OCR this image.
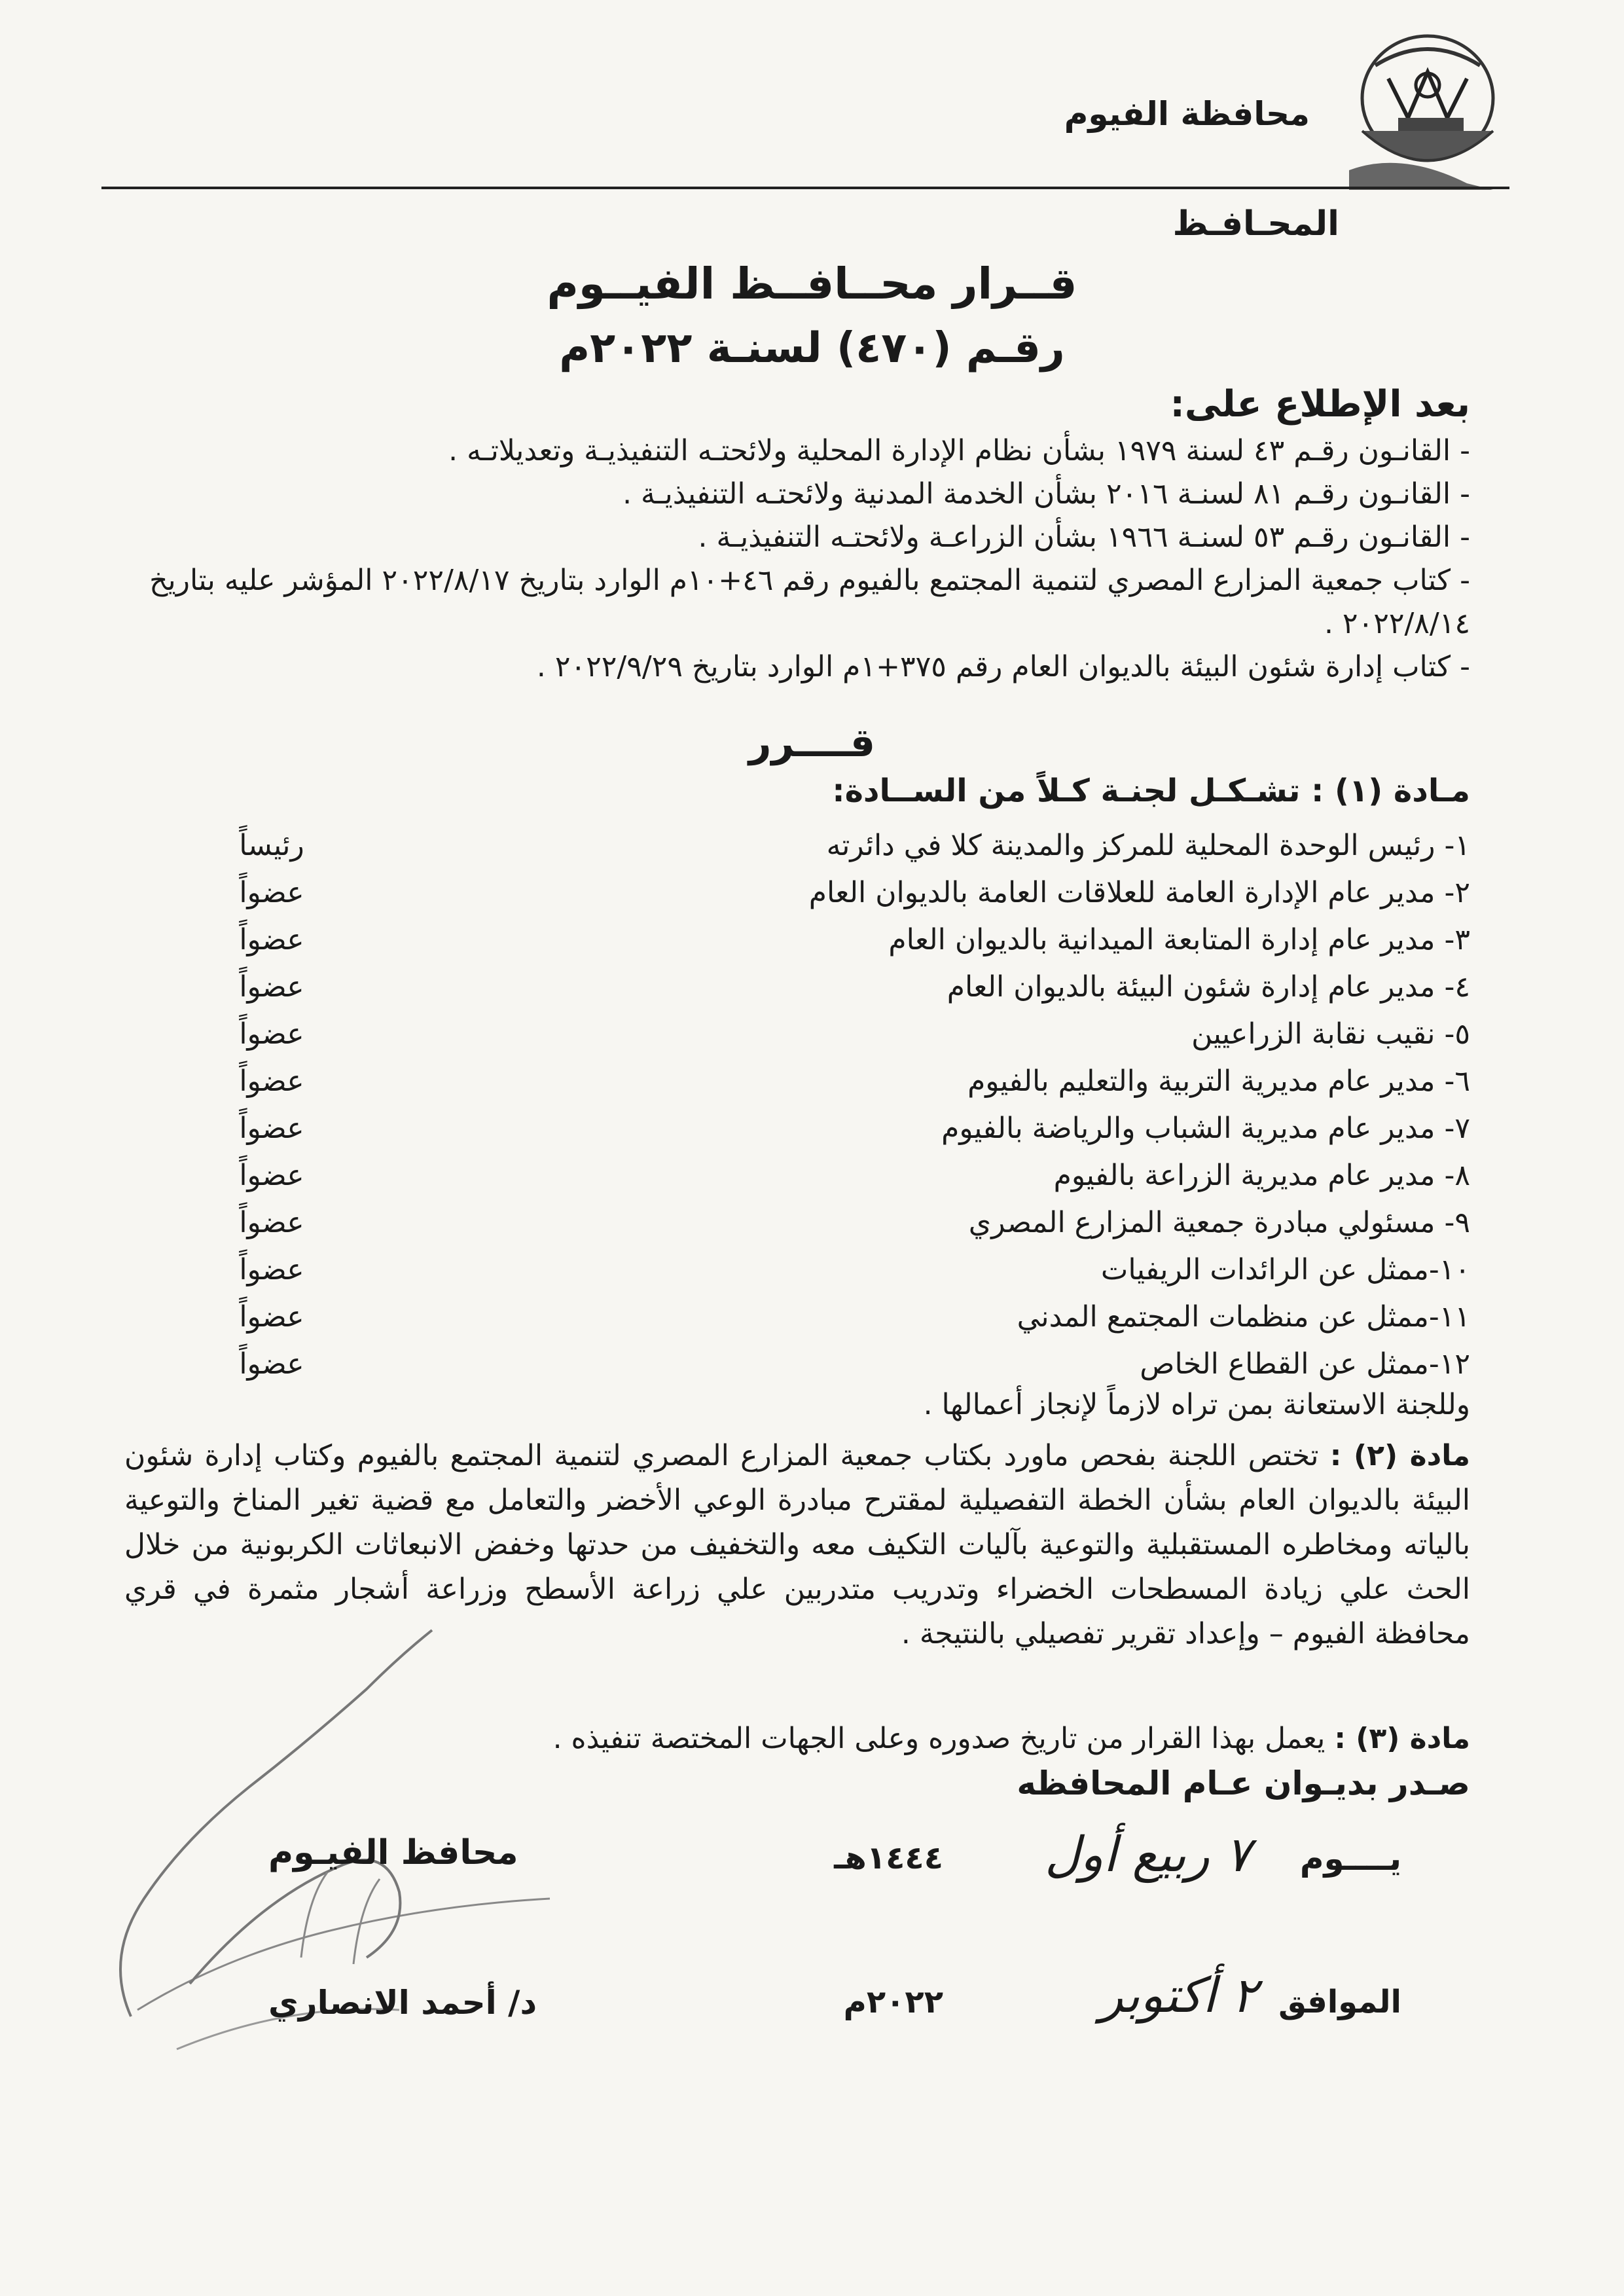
محافظة الفيوم
المحـافـظ
قــرار محــافــظ الفيــوم
رقـم (٤٧٠) لسنـة ٢٠٢٢م
بعد الإطلاع على:
- القانـون رقـم ٤٣ لسنة ١٩٧٩ بشأن نظام الإدارة المحلية ولائحتـه التنفيذيـة وتعديلاتـه .
- القانـون رقـم ٨١ لسنـة ٢٠١٦ بشأن الخدمة المدنية ولائحتـه التنفيذيـة .
- القانـون رقـم ٥٣ لسنـة ١٩٦٦ بشأن الزراعـة ولائحتـه التنفيذيـة .
- كتاب جمعية المزارع المصري لتنمية المجتمع بالفيوم رقم ٤٦+١٠م الوارد بتاريخ ٢٠٢٢/٨/١٧ المؤشر عليه بتاريخ ٢٠٢٢/٨/١٤ .
- كتاب إدارة شئون البيئة بالديوان العام رقم ٣٧٥+١م الوارد بتاريخ ٢٠٢٢/٩/٢٩ .
قــــرر
مـادة (١) : تشـكـل لجنـة كـلاً من الســادة:
١- رئيس الوحدة المحلية للمركز والمدينة كلا في دائرته
رئيساً
٢- مدير عام الإدارة العامة للعلاقات العامة بالديوان العام
عضواً
٣- مدير عام إدارة المتابعة الميدانية بالديوان العام
عضواً
٤- مدير عام إدارة شئون البيئة بالديوان العام
عضواً
٥- نقيب نقابة الزراعيين
عضواً
٦- مدير عام مديرية التربية والتعليم بالفيوم
عضواً
٧- مدير عام مديرية الشباب والرياضة بالفيوم
عضواً
٨- مدير عام مديرية الزراعة بالفيوم
عضواً
٩- مسئولي مبادرة جمعية المزارع المصري
عضواً
١٠-ممثل عن الرائدات الريفيات
عضواً
١١-ممثل عن منظمات المجتمع المدني
عضواً
١٢-ممثل عن القطاع الخاص
عضواً
وللجنة الاستعانة بمن تراه لازماً لإنجاز أعمالها .
مادة (٢) : تختص اللجنة بفحص ماورد بكتاب جمعية المزارع المصري لتنمية المجتمع بالفيوم وكتاب إدارة شئون البيئة بالديوان العام بشأن الخطة التفصيلية لمقترح مبادرة الوعي الأخضر والتعامل مع قضية تغير المناخ والتوعية بالياته ومخاطره المستقبلية والتوعية بآليات التكيف معه والتخفيف من حدتها وخفض الانبعاثات الكربونية من خلال الحث علي زيادة المسطحات الخضراء وتدريب متدربين علي زراعة الأسطح وزراعة أشجار مثمرة في قري محافظة الفيوم – وإعداد تقرير تفصيلي بالنتيجة .
مادة (٣) : يعمل بهذا القرار من تاريخ صدوره وعلى الجهات المختصة تنفيذه .
صـدر بديـوان عـام المحافظه
يــــوم
٧ ربيع أول
١٤٤٤هـ
الموافق
٢ أكتوبر
٢٠٢٢م
محافظ الفيـوم
د/ أحمد الانصاري
